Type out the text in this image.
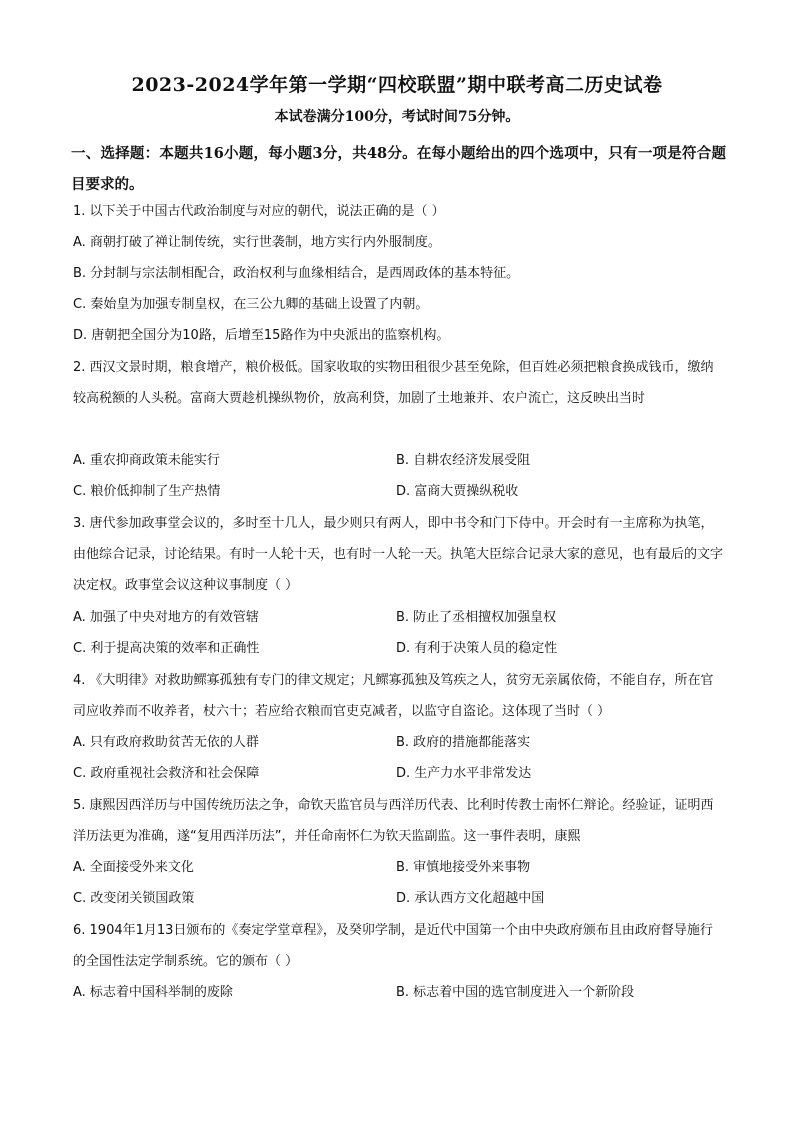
2023-2024学年第一学期“四校联盟”期中联考高二历史试卷
本试卷满分100分，考试时间75分钟。
一、选择题：本题共16小题，每小题3分，共48分。在每小题给出的四个选项中，只有一项是符合题目要求的。
1. 以下关于中国古代政治制度与对应的朝代，说法正确的是（ ）
A. 商朝打破了禅让制传统，实行世袭制，地方实行内外服制度。
B. 分封制与宗法制相配合，政治权利与血缘相结合，是西周政体的基本特征。
C. 秦始皇为加强专制皇权，在三公九卿的基础上设置了内朝。
D. 唐朝把全国分为10路，后增至15路作为中央派出的监察机构。
2. 西汉文景时期，粮食增产，粮价极低。国家收取的实物田租很少甚至免除，但百姓必须把粮食换成钱币，缴纳较高税额的人头税。富商大贾趁机操纵物价，放高利贷，加剧了土地兼并、农户流亡，这反映出当时
A. 重农抑商政策未能实行	B. 自耕农经济发展受阻
C. 粮价低抑制了生产热情	D. 富商大贾操纵税收
3. 唐代参加政事堂会议的，多时至十几人，最少则只有两人，即中书令和门下侍中。开会时有一主席称为执笔，由他综合记录，讨论结果。有时一人轮十天，也有时一人轮一天。执笔大臣综合记录大家的意见，也有最后的文字决定权。政事堂会议这种议事制度（ ）
A. 加强了中央对地方的有效管辖	B. 防止了丞相擅权加强皇权
C. 利于提高决策的效率和正确性	D. 有利于决策人员的稳定性
4. 《大明律》对救助鳏寡孤独有专门的律文规定；凡鳏寡孤独及笃疾之人，贫穷无亲属依倚，不能自存，所在官司应收养而不收养者，杖六十；若应给衣粮而官吏克减者，以监守自盗论。这体现了当时（ ）
A. 只有政府救助贫苦无依的人群	B. 政府的措施都能落实
C. 政府重视社会救济和社会保障	D. 生产力水平非常发达
5. 康熙因西洋历与中国传统历法之争，命钦天监官员与西洋历代表、比利时传教士南怀仁辩论。经验证，证明西洋历法更为准确，遂“复用西洋历法”，并任命南怀仁为钦天监副监。这一事件表明，康熙
A. 全面接受外来文化	B. 审慎地接受外来事物
C. 改变闭关锁国政策	D. 承认西方文化超越中国
6. 1904年1月13日颁布的《奏定学堂章程》，及癸卯学制，是近代中国第一个由中央政府颁布且由政府督导施行的全国性法定学制系统。它的颁布（ ）
A. 标志着中国科举制的废除	B. 标志着中国的选官制度进入一个新阶段
